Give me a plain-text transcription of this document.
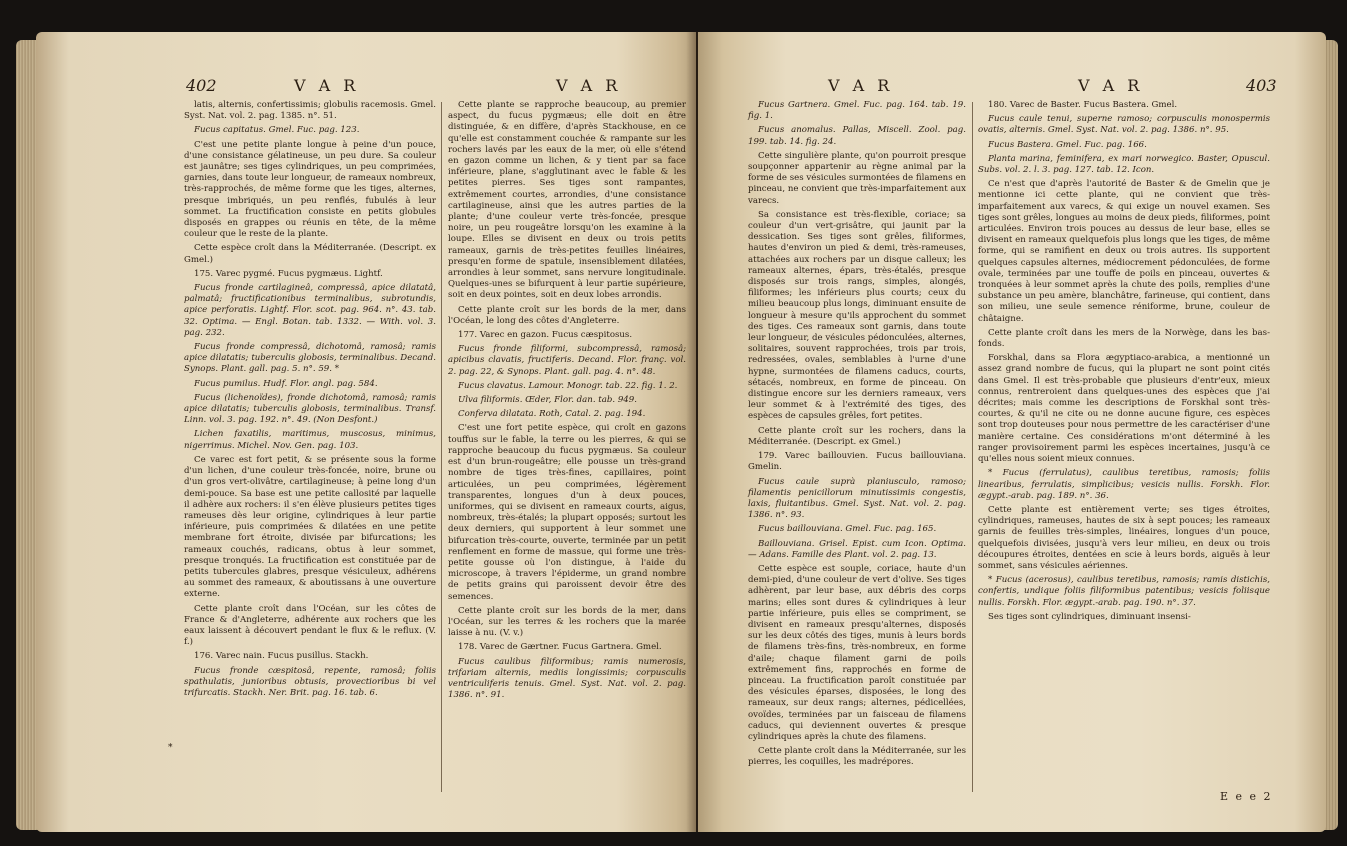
402	V A R	V A R

latis, alternis, confertissimis; globulis racemosis. Gmel. Syst. Nat. vol. 2. pag. 1385. n°. 51.

Fucus capitatus. Gmel. Fuc. pag. 123.

C'est une petite plante longue à peine d'un pouce, d'une consistance gélatineuse, un peu dure. Sa couleur est jaunâtre; ses tiges cylindriques, un peu comprimées, garnies, dans toute leur longueur, de rameaux nombreux, très-rapprochés, de même forme que les tiges, alternes, presque imbriqués, un peu renflés, fubulés à leur sommet. La fructification consiste en petits globules disposés en grappes ou réunis en tête, de la même couleur que le reste de la plante.

Cette espèce croît dans la Méditerranée. (Descript. ex Gmel.)

175. Varec pygmé. Fucus pygmæus. Lightf.

Fucus fronde cartilagineâ, compressâ, apice dilatatâ, palmatâ; fructificationibus terminalibus, subrotundis, apice perforatis. Lightf. Flor. scot. pag. 964. n°. 43. tab. 32. Optima. — Engl. Botan. tab. 1332. — With. vol. 3. pag. 232.

Fucus fronde compressâ, dichotomâ, ramosâ; ramis apice dilatatis; tuberculis globosis, terminalibus. Decand. Synops. Plant. gall. pag. 5. n°. 59. *

Fucus pumilus. Hudf. Flor. angl. pag. 584.

Fucus (lichenoïdes), fronde dichotomâ, ramosâ; ramis apice dilatatis; tuberculis globosis, terminalibus. Transf. Linn. vol. 3. pag. 192. n°. 49. (Non Desfont.)

Lichen faxatilis, maritimus, muscosus, minimus, nigerrimus. Michel. Nov. Gen. pag. 103.

Ce varec est fort petit, & se présente sous la forme d'un lichen, d'une couleur très-foncée, noire, brune ou d'un gros vert-olivâtre, cartilagineuse; à peine long d'un demi-pouce. Sa base est une petite callosité par laquelle il adhère aux rochers: il s'en élève plusieurs petites tiges rameuses dès leur origine, cylindriques à leur partie inférieure, puis comprimées & dilatées en une petite membrane fort étroite, divisée par bifurcations; les rameaux couchés, radicans, obtus à leur sommet, presque tronqués. La fructification est constituée par de petits tubercules glabres, presque vésiculeux, adhérens au sommet des rameaux, & aboutissans à une ouverture externe.

Cette plante croît dans l'Océan, sur les côtes de France & d'Angleterre, adhérente aux rochers que les eaux laissent à découvert pendant le flux & le reflux. (V. f.)

176. Varec nain. Fucus pusillus. Stackh.

Fucus fronde cæspitosâ, repente, ramosâ; foliis spathulatis, junioribus obtusis, provectioribus bi vel trifurcatis. Stackh. Ner. Brit. pag. 16. tab. 6.

Cette plante se rapproche beaucoup, au premier aspect, du fucus pygmæus; elle doit en être distinguée, & en diffère, d'après Stackhouse, en ce qu'elle est constamment couchée & rampante sur les rochers lavés par les eaux de la mer, où elle s'étend en gazon comme un lichen, & y tient par sa face inférieure, plane, s'agglutinant avec le fable & les petites pierres. Ses tiges sont rampantes, extrêmement courtes, arrondies, d'une consistance cartilagineuse, ainsi que les autres parties de la plante; d'une couleur verte très-foncée, presque noire, un peu rougeâtre lorsqu'on les examine à la loupe. Elles se divisent en deux ou trois petits rameaux, garnis de très-petites feuilles linéaires, presqu'en forme de spatule, insensiblement dilatées, arrondies à leur sommet, sans nervure longitudinale. Quelques-unes se bifurquent à leur partie supérieure, soit en deux pointes, soit en deux lobes arrondis.

Cette plante croît sur les bords de la mer, dans l'Océan, le long des côtes d'Angleterre.

177. Varec en gazon. Fucus cæspitosus.

Fucus fronde filiformi, subcompressâ, ramosâ; apicibus clavatis, fructiferis. Decand. Flor. franç. vol. 2. pag. 22, & Synops. Plant. gall. pag. 4. n°. 48.

Fucus clavatus. Lamour. Monogr. tab. 22. fig. 1. 2.

Ulva filiformis. Œder, Flor. dan. tab. 949.

Conferva dilatata. Roth, Catal. 2. pag. 194.

C'est une fort petite espèce, qui croît en gazons touffus sur le fable, la terre ou les pierres, & qui se rapproche beaucoup du fucus pygmæus. Sa couleur est d'un brun-rougeâtre; elle pousse un très-grand nombre de tiges très-fines, capillaires, point articulées, un peu comprimées, légèrement transparentes, longues d'un à deux pouces, uniformes, qui se divisent en rameaux courts, aigus, nombreux, très-étalés; la plupart opposés; surtout les deux derniers, qui supportent à leur sommet une bifurcation très-courte, ouverte, terminée par un petit renflement en forme de massue, qui forme une très-petite gousse où l'on distingue, à l'aide du microscope, à travers l'épiderme, un grand nombre de petits grains qui paroissent devoir être des semences.

Cette plante croît sur les bords de la mer, dans l'Océan, sur les terres & les rochers que la marée laisse à nu. (V. v.)

178. Varec de Gærtner. Fucus Gartnera. Gmel.

Fucus caulibus filiformibus; ramis numerosis, trifariam alternis, mediis longissimis; corpusculis ventriculiferis tenuis. Gmel. Syst. Nat. vol. 2. pag. 1386. n°. 91.

*
V A R	V A R	403

Fucus Gartnera. Gmel. Fuc. pag. 164. tab. 19. fig. 1.

Fucus anomalus. Pallas, Miscell. Zool. pag. 199. tab. 14. fig. 24.

Cette singulière plante, qu'on pourroit presque soupçonner appartenir au règne animal par la forme de ses vésicules surmontées de filamens en pinceau, ne convient que très-imparfaitement aux varecs.

Sa consistance est très-flexible, coriace; sa couleur d'un vert-grisâtre, qui jaunit par la dessication. Ses tiges sont grêles, filiformes, hautes d'environ un pied & demi, très-rameuses, attachées aux rochers par un disque calleux; les rameaux alternes, épars, très-étalés, presque disposés sur trois rangs, simples, alongés, filiformes; les inférieurs plus courts; ceux du milieu beaucoup plus longs, diminuant ensuite de longueur à mesure qu'ils approchent du sommet des tiges. Ces rameaux sont garnis, dans toute leur longueur, de vésicules pédonculées, alternes, solitaires, souvent rapprochées, trois par trois, redressées, ovales, semblables à l'urne d'une hypne, surmontées de filamens caducs, courts, sétacés, nombreux, en forme de pinceau. On distingue encore sur les derniers rameaux, vers leur sommet & à l'extrémité des tiges, des espèces de capsules grêles, fort petites.

Cette plante croît sur les rochers, dans la Méditerranée. (Descript. ex Gmel.)

179. Varec baillouvien. Fucus baillouviana. Gmelin.

Fucus caule suprà planiusculo, ramoso; filamentis penicillorum minutissimis congestis, laxis, fluitantibus. Gmel. Syst. Nat. vol. 2. pag. 1386. n°. 93.

Fucus baillouviana. Gmel. Fuc. pag. 165.

Baillouviana. Grisel. Epist. cum Icon. Optima. — Adans. Famille des Plant. vol. 2. pag. 13.

Cette espèce est souple, coriace, haute d'un demi-pied, d'une couleur de vert d'olive. Ses tiges adhèrent, par leur base, aux débris des corps marins; elles sont dures & cylindriques à leur partie inférieure, puis elles se compriment, se divisent en rameaux presqu'alternes, disposés sur les deux côtés des tiges, munis à leurs bords de filamens très-fins, très-nombreux, en forme d'aile; chaque filament garni de poils extrêmement fins, rapprochés en forme de pinceau. La fructification paroît constituée par des vésicules éparses, disposées, le long des rameaux, sur deux rangs; alternes, pédicellées, ovoïdes, terminées par un faisceau de filamens caducs, qui deviennent ouvertes & presque cylindriques après la chute des filamens.

Cette plante croît dans la Méditerranée, sur les pierres, les coquilles, les madrépores.

180. Varec de Baster. Fucus Bastera. Gmel.

Fucus caule tenui, superne ramoso; corpusculis monospermis ovatis, alternis. Gmel. Syst. Nat. vol. 2. pag. 1386. n°. 95.

Fucus Bastera. Gmel. Fuc. pag. 166.

Planta marina, feminifera, ex mari norwegico. Baster, Opuscul. Subs. vol. 2. l. 3. pag. 127. tab. 12. Icon.

Ce n'est que d'après l'autorité de Baster & de Gmelin que je mentionne ici cette plante, qui ne convient que très-imparfaitement aux varecs, & qui exige un nouvel examen. Ses tiges sont grêles, longues au moins de deux pieds, filiformes, point articulées. Environ trois pouces au dessus de leur base, elles se divisent en rameaux quelquefois plus longs que les tiges, de même forme, qui se ramifient en deux ou trois autres. Ils supportent quelques capsules alternes, médiocrement pédonculées, de forme ovale, terminées par une touffe de poils en pinceau, ouvertes & tronquées à leur sommet après la chute des poils, remplies d'une substance un peu amère, blanchâtre, farineuse, qui contient, dans son milieu, une seule semence réniforme, brune, couleur de châtaigne.

Cette plante croît dans les mers de la Norwège, dans les bas-fonds.

Forskhal, dans sa Flora ægyptiaco-arabica, a mentionné un assez grand nombre de fucus, qui la plupart ne sont point cités dans Gmel. Il est très-probable que plusieurs d'entr'eux, mieux connus, rentreroient dans quelques-unes des espèces que j'ai décrites; mais comme les descriptions de Forskhal sont très-courtes, & qu'il ne cite ou ne donne aucune figure, ces espèces sont trop douteuses pour nous permettre de les caractériser d'une manière certaine. Ces considérations m'ont déterminé à les ranger provisoirement parmi les espèces incertaines, jusqu'à ce qu'elles nous soient mieux connues.

* Fucus (ferrulatus), caulibus teretibus, ramosis; foliis linearibus, ferrulatis, simplicibus; vesicis nullis. Forskh. Flor. ægypt.-arab. pag. 189. n°. 36.

Cette plante est entièrement verte; ses tiges étroites, cylindriques, rameuses, hautes de six à sept pouces; les rameaux garnis de feuilles très-simples, linéaires, longues d'un pouce, quelquefois divisées, jusqu'à vers leur milieu, en deux ou trois découpures étroites, dentées en scie à leurs bords, aiguës à leur sommet, sans vésicules aériennes.

* Fucus (acerosus), caulibus teretibus, ramosis; ramis distichis, confertis, undique foliis filiformibus patentibus; vesicis foliisque nullis. Forskh. Flor. ægypt.-arab. pag. 190. n°. 37.

Ses tiges sont cylindriques, diminuant insensi-

E e e 2
